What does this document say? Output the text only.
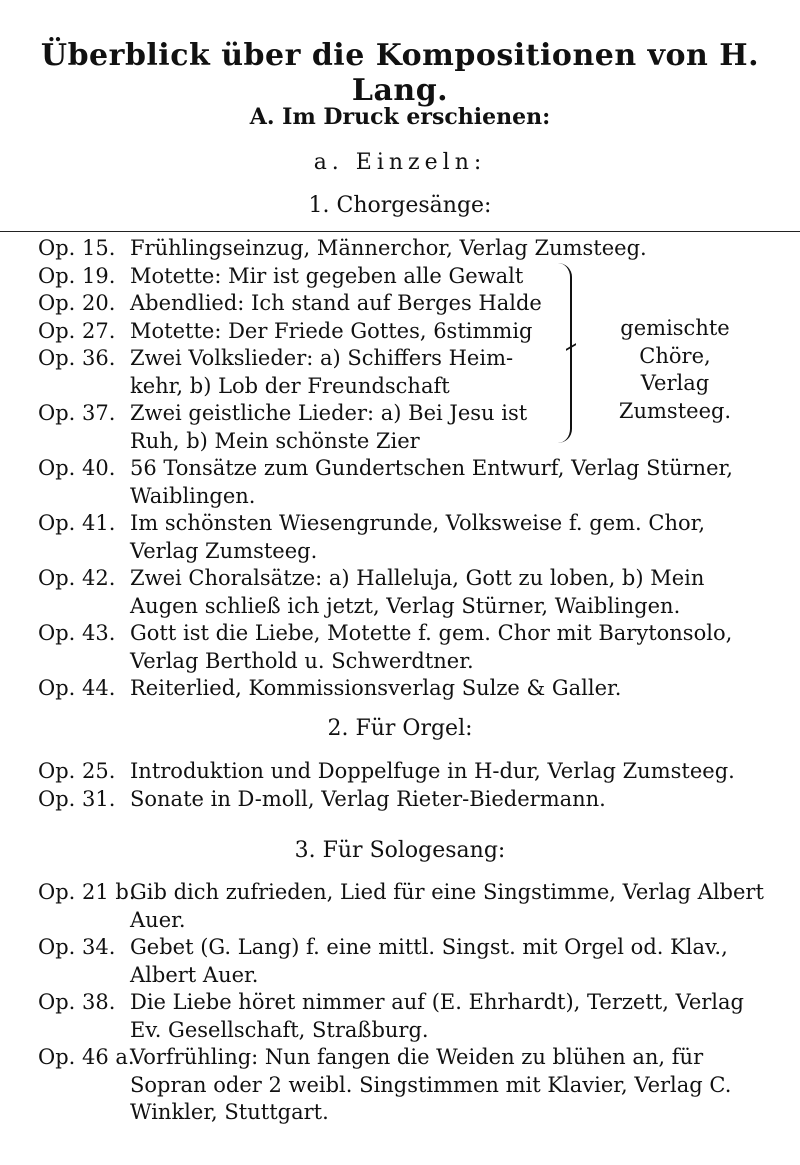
Überblick über die Kompositionen von H. Lang.
A. Im Druck erschienen:
a. Einzeln:
1. Chorgesänge:
Op. 15. Frühlingseinzug, Männerchor, Verlag Zumsteeg.
Op. 19. Motette: Mir ist gegeben alle Gewalt
Op. 20. Abendlied: Ich stand auf Berges Halde
Op. 27. Motette: Der Friede Gottes, 6stimmig
Op. 36. Zwei Volkslieder: a) Schiffers Heim-kehr, b) Lob der Freundschaft
Op. 37. Zwei geistliche Lieder: a) Bei Jesu ist Ruh, b) Mein schönste Zier
Op. 40. 56 Tonsätze zum Gundertschen Entwurf, Verlag Stürner, Waiblingen.
Op. 41. Im schönsten Wiesengrunde, Volksweise f. gem. Chor, Verlag Zumsteeg.
Op. 42. Zwei Choralsätze: a) Halleluja, Gott zu loben, b) Mein Augen schließ ich jetzt, Verlag Stürner, Waiblingen.
Op. 43. Gott ist die Liebe, Motette f. gem. Chor mit Barytonsolo, Verlag Berthold u. Schwerdtner.
Op. 44. Reiterlied, Kommissionsverlag Sulze & Galler.
gemischte Chöre,
Verlag
Zumsteeg.
2. Für Orgel:
Op. 25. Introduktion und Doppelfuge in H-dur, Verlag Zumsteeg.
Op. 31. Sonate in D-moll, Verlag Rieter-Biedermann.
3. Für Sologesang:
Op. 21 b.
Gib dich zufrieden, Lied für eine Singstimme, Verlag Albert Auer.
Op. 34. Gebet (G. Lang) f. eine mittl. Singst. mit Orgel od. Klav., Albert Auer.
Op. 38. Die Liebe höret nimmer auf (E. Ehrhardt), Terzett, Verlag Ev. Gesellschaft, Straßburg.
Op. 46 a.
Vorfrühling: Nun fangen die Weiden zu blühen an, für Sopran oder 2 weibl. Singstimmen mit Klavier, Verlag C. Winkler, Stuttgart.
